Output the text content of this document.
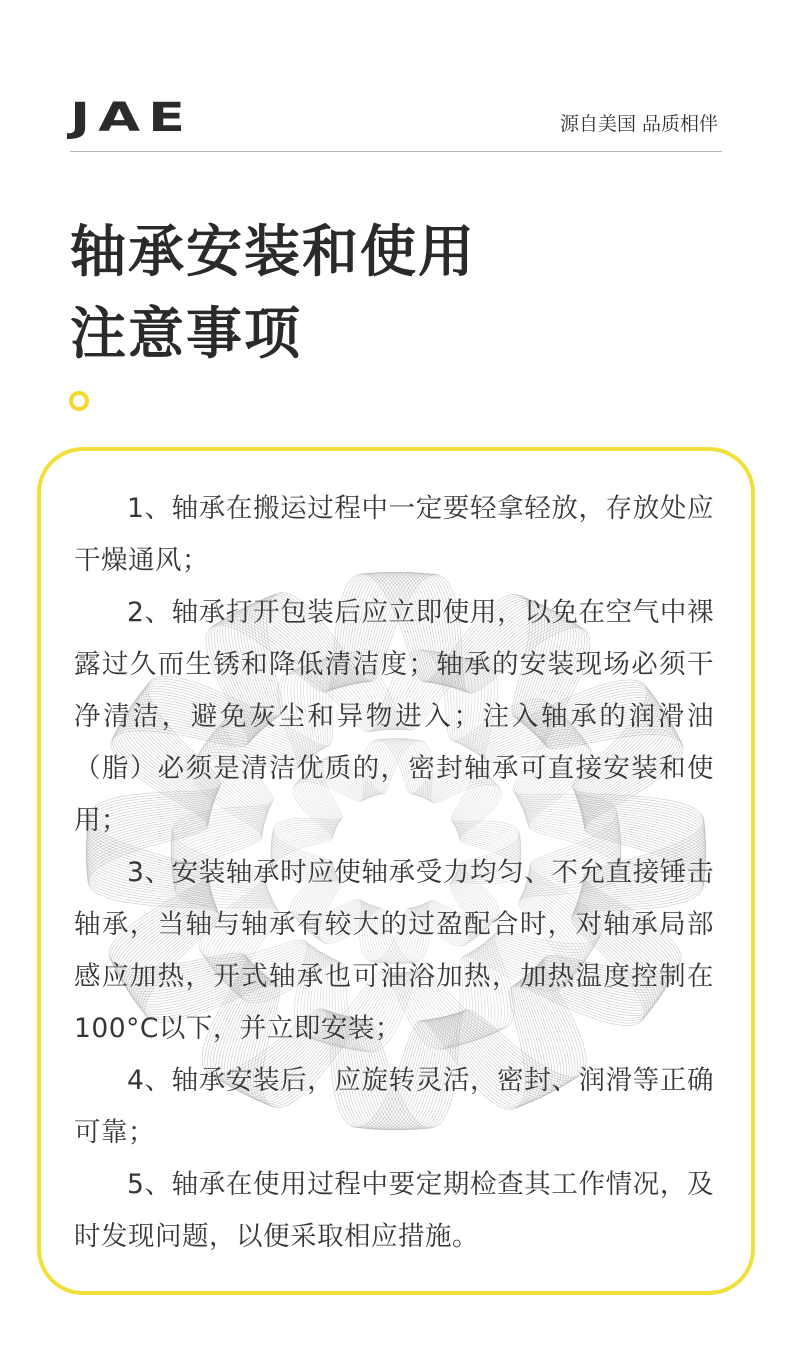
JAE	源自美国 品质相伴
轴承安装和使用
注意事项

1、轴承在搬运过程中一定要轻拿轻放，存放处应干燥通风；

2、轴承打开包装后应立即使用，以免在空气中裸露过久而生锈和降低清洁度；轴承的安装现场必须干净清洁，避免灰尘和异物进入；注入轴承的润滑油（脂）必须是清洁优质的，密封轴承可直接安装和使用；

3、安装轴承时应使轴承受力均匀、不允直接锤击轴承，当轴与轴承有较大的过盈配合时，对轴承局部感应加热，开式轴承也可油浴加热，加热温度控制在100°C以下，并立即安装；

4、轴承安装后，应旋转灵活，密封、润滑等正确可靠；

5、轴承在使用过程中要定期检查其工作情况，及时发现问题，以便采取相应措施。
